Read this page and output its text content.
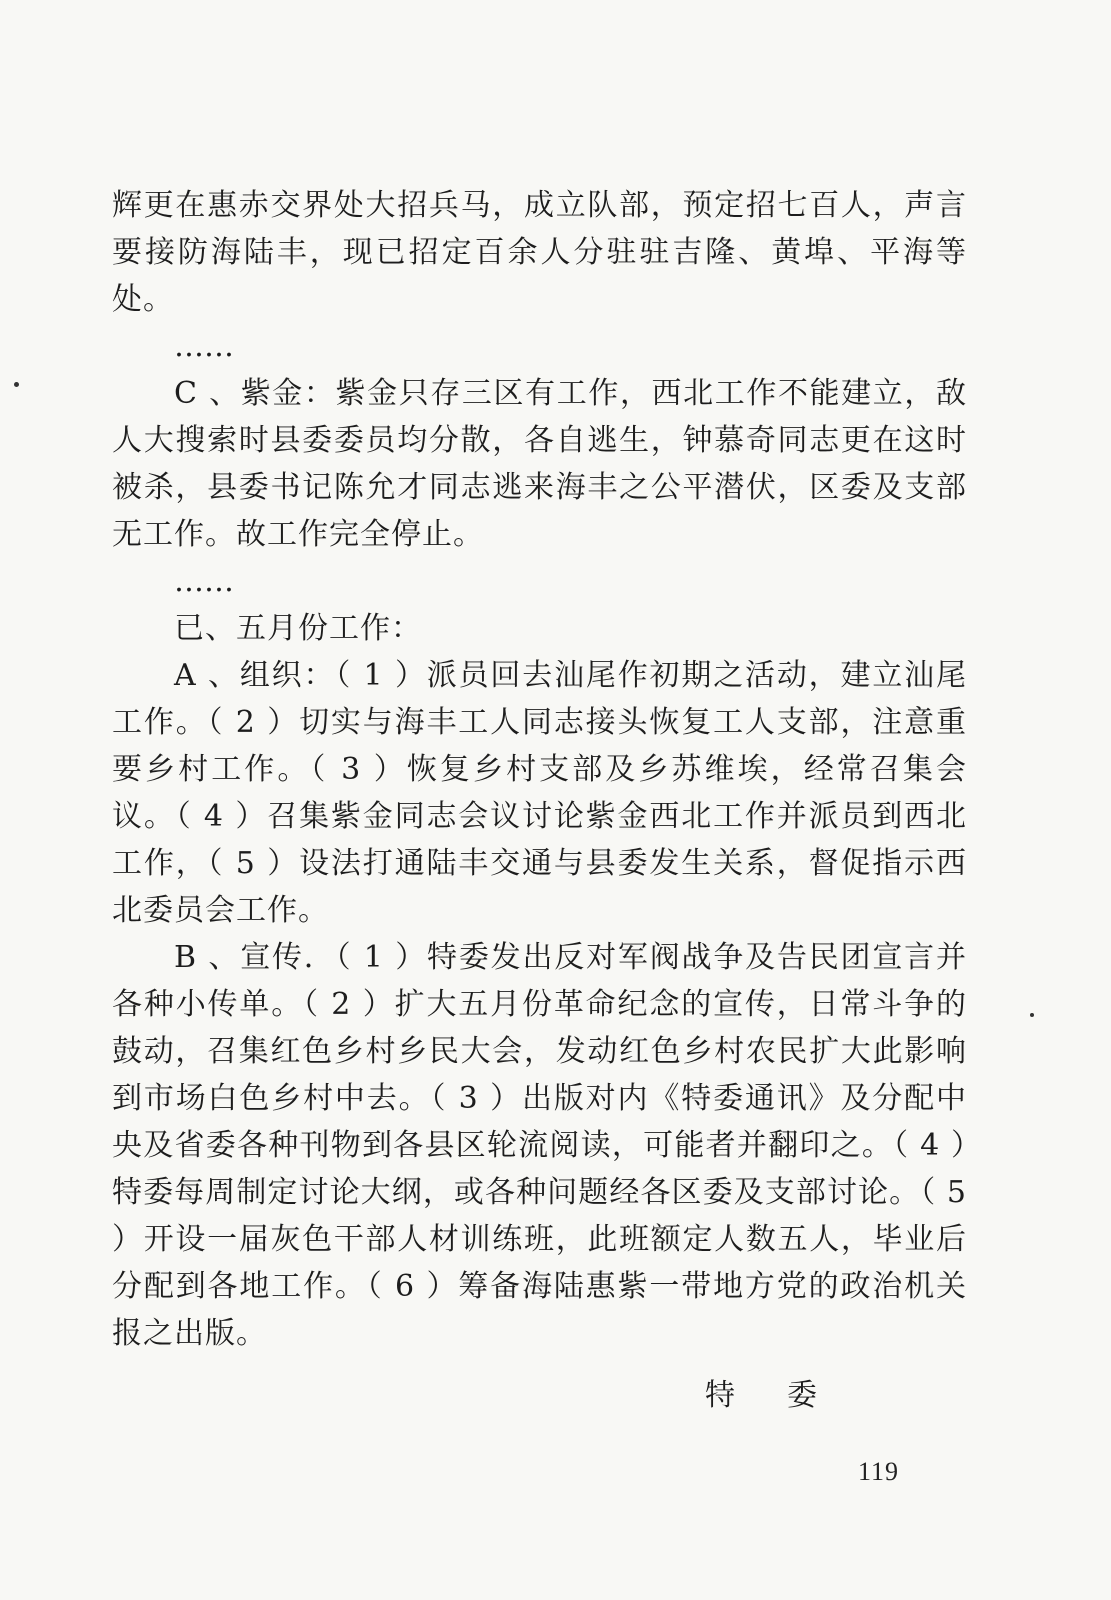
辉更在惠赤交界处大招兵马，成立队部，预定招七百人，声言要接防海陆丰，现已招定百余人分驻驻吉隆、黄埠、平海等处。

……

C 、紫金：紫金只存三区有工作，西北工作不能建立，敌人大搜索时县委委员均分散，各自逃生，钟慕奇同志更在这时被杀，县委书记陈允才同志逃来海丰之公平潜伏，区委及支部无工作。故工作完全停止。

……

已、五月份工作：

A 、组织：（ 1 ）派员回去汕尾作初期之活动，建立汕尾工作。（ 2 ）切实与海丰工人同志接头恢复工人支部，注意重要乡村工作。（ 3 ）恢复乡村支部及乡苏维埃，经常召集会议。（ 4 ）召集紫金同志会议讨论紫金西北工作并派员到西北工作，（ 5 ）设法打通陆丰交通与县委发生关系，督促指示西北委员会工作。

B 、宣传．（ 1 ）特委发出反对军阀战争及告民团宣言并各种小传单。（ 2 ）扩大五月份革命纪念的宣传，日常斗争的鼓动，召集红色乡村乡民大会，发动红色乡村农民扩大此影响到市场白色乡村中去。（ 3 ）出版对内《特委通讯》及分配中央及省委各种刊物到各县区轮流阅读，可能者并翻印之。（ 4 ）特委每周制定讨论大纲，或各种问题经各区委及支部讨论。（ 5 ）开设一届灰色干部人材训练班，此班额定人数五人，毕业后分配到各地工作。（ 6 ）筹备海陆惠紫一带地方党的政治机关报之出版。

特委
119
